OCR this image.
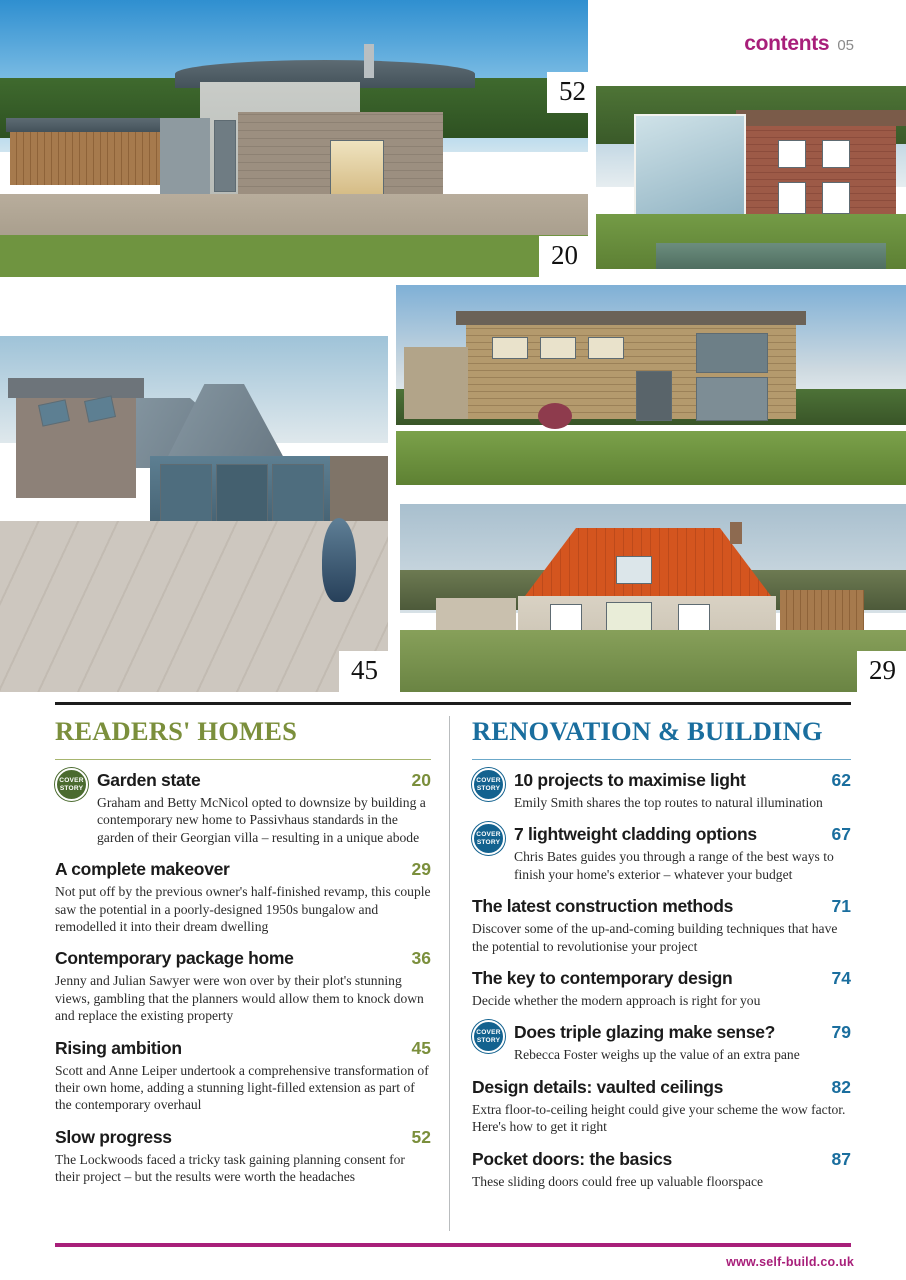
contents 05
20
52
45	29
READERS' HOMES
COVER
STORY Garden state	20
Graham and Betty McNicol opted to downsize by building a contemporary new home to Passivhaus standards in the garden of their Georgian villa – resulting in a unique abode
A complete makeover	29
Not put off by the previous owner's half-finished revamp, this couple saw the potential in a poorly-designed 1950s bungalow and remodelled it into their dream dwelling
Contemporary package home	36
Jenny and Julian Sawyer were won over by their plot's stunning views, gambling that the planners would allow them to knock down and replace the existing property
Rising ambition	45
Scott and Anne Leiper undertook a comprehensive transformation of their own home, adding a stunning light-filled extension as part of the contemporary overhaul
Slow progress	52
The Lockwoods faced a tricky task gaining planning consent for their project – but the results were worth the headaches
RENOVATION & BUILDING
COVER
STORY 10 projects to maximise light	62
Emily Smith shares the top routes to natural illumination
COVER
STORY 7 lightweight cladding options	67
Chris Bates guides you through a range of the best ways to finish your home's exterior – whatever your budget
The latest construction methods	71
Discover some of the up-and-coming building techniques that have the potential to revolutionise your project
The key to contemporary design	74
Decide whether the modern approach is right for you
COVER
STORY Does triple glazing make sense?	79
Rebecca Foster weighs up the value of an extra pane
Design details: vaulted ceilings	82
Extra floor-to-ceiling height could give your scheme the wow factor. Here's how to get it right
Pocket doors: the basics	87
These sliding doors could free up valuable floorspace
www.self-build.co.uk
